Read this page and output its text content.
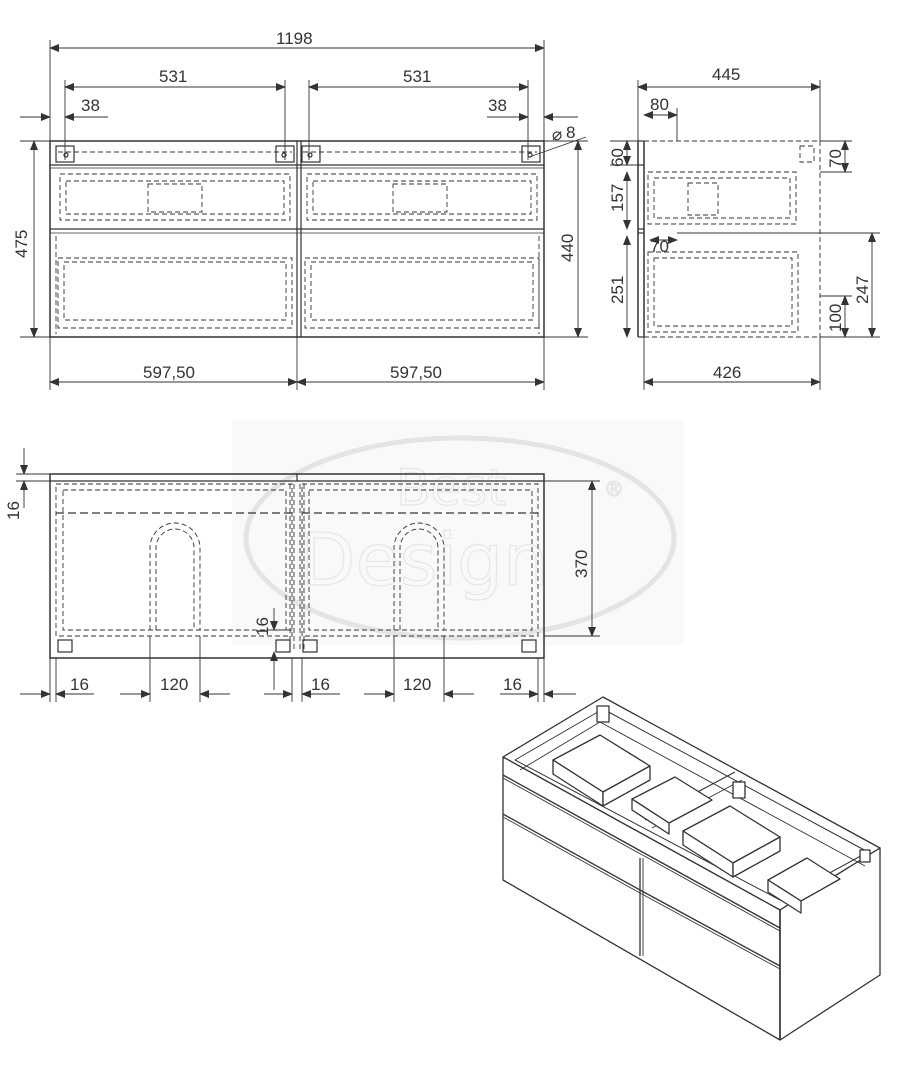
Best
Design
®
1198
531	531
38	38
⌀ 8
475	440
597,50	597,50
445
80
60	70
157
251
70
247
100
426
16
370
16
16	120	16	120	16
